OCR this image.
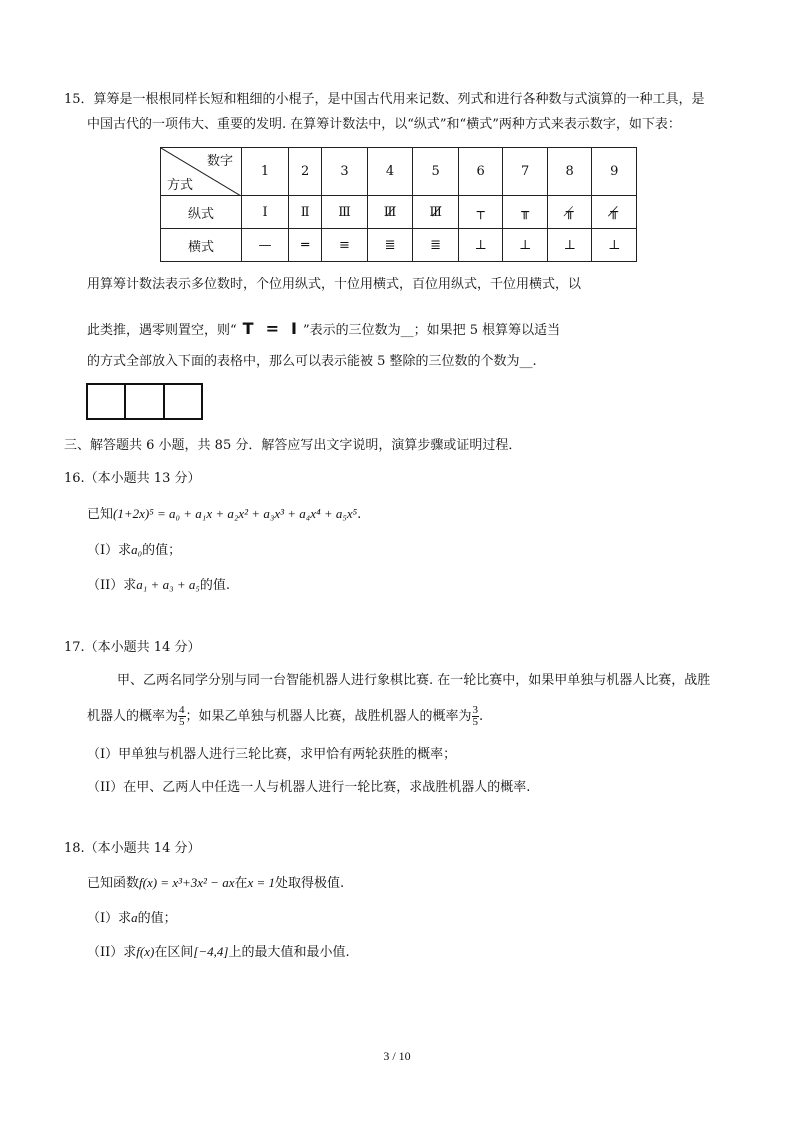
15．算筹是一根根同样长短和粗细的小棍子，是中国古代用来记数、列式和进行各种数与式演算的一种工具，是
中国古代的一项伟大、重要的发明. 在算筹计数法中，以“纵式”和“横式”两种方式来表示数字，如下表：
数字
方式	1	2	3	4	5	6	7	8	9
纵式	Ⅰ	Ⅱ	Ⅲ	Ⅲ̸	Ⅲ̸̸	┬	╥	╥̸	╥̸̸
横式	—	═	≡	≣	≣	⊥	⊥	⊥	⊥
用算筹计数法表示多位数时，个位用纵式，十位用横式，百位用纵式，千位用横式，以
此类推，遇零则置空，则“ T = I ”表示的三位数为__；如果把 5 根算筹以适当
的方式全部放入下面的表格中，那么可以表示能被 5 整除的三位数的个数为__.
三、解答题共 6 小题，共 85 分．解答应写出文字说明，演算步骤或证明过程．
16.（本小题共 13 分）
已知(1+2x)⁵ = a₀ + a₁x + a₂x² + a₃x³ + a₄x⁴ + a₅x⁵.
（I）求a₀的值；
（II）求a₁ + a₃ + a₅的值.
17.（本小题共 14 分）
甲、乙两名同学分别与同一台智能机器人进行象棋比赛. 在一轮比赛中，如果甲单独与机器人比赛，战胜
机器人的概率为 $\frac{4}{5}$ ；如果乙单独与机器人比赛，战胜机器人的概率为 $\frac{3}{5}$ .
（I）甲单独与机器人进行三轮比赛，求甲恰有两轮获胜的概率；
（II）在甲、乙两人中任选一人与机器人进行一轮比赛，求战胜机器人的概率.
18.（本小题共 14 分）
已知函数f(x) = x³+3x² − ax在x = 1处取得极值.
（I）求a的值；
（II）求f(x)在区间[−4,4]上的最大值和最小值.
3 / 10
